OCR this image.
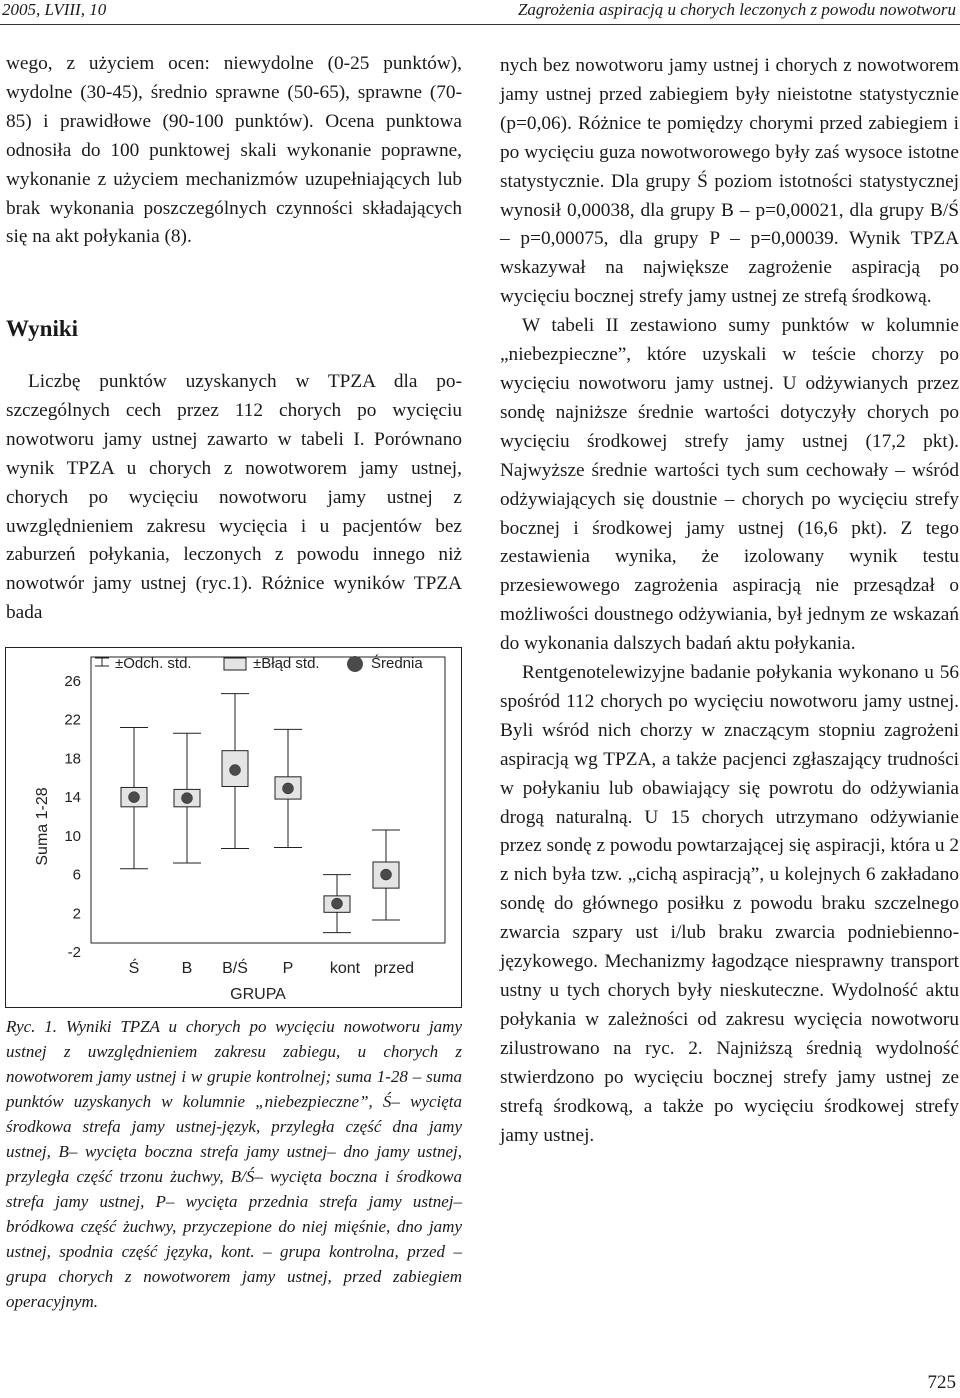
2005, LVIII, 10	Zagrożenia aspiracją u chorych leczonych z powodu nowotworu

wego, z użyciem ocen: niewydolne (0-25 punktów), wydolne (30-45), średnio sprawne (50-65), sprawne (70-85) i prawidłowe (90-100 punktów). Ocena punktowa odnosiła do 100 punktowej skali wykonanie poprawne, wykonanie z użyciem mechanizmów uzupełniających lub brak wykonania poszczególnych czynności składających się na akt połykania (8).

Wyniki

Liczbę punktów uzyskanych w TPZA dla poszczególnych cech przez 112 chorych po wycięciu nowotworu jamy ustnej zawarto w tabeli I. Porównano wynik TPZA u chorych z nowotworem jamy ustnej, chorych po wycięciu nowotworu jamy ustnej z uwzględnieniem zakresu wycięcia i u pacjentów bez zaburzeń połykania, leczonych z powodu innego niż nowotwór jamy ustnej (ryc.1). Różnice wyników TPZA bada

26
22
18
14
10
6
2
-2
Suma 1-28
Ś	B B/Ś P kont przed
GRUPA
±Odch. std.	±Błąd std.	Średnia
Ryc. 1. Wyniki TPZA u chorych po wycięciu nowotworu jamy ustnej z uwzględnieniem zakresu zabiegu, u chorych z nowotworem jamy ustnej i w grupie kontrolnej; suma 1-28 – suma punktów uzyskanych w kolumnie „niebezpieczne”, Ś– wycięta środkowa strefa jamy ustnej-język, przyległa część dna jamy ustnej, B– wycięta boczna strefa jamy ustnej– dno jamy ustnej, przyległa część trzonu żuchwy, B/Ś– wycięta boczna i środkowa strefa jamy ustnej, P– wycięta przednia strefa jamy ustnej– bródkowa część żuchwy, przyczepione do niej mięśnie, dno jamy ustnej, spodnia część języka, kont. – grupa kontrolna, przed – grupa chorych z nowotworem jamy ustnej, przed zabiegiem operacyjnym.

nych bez nowotworu jamy ustnej i chorych z nowotworem jamy ustnej przed zabiegiem były nieistotne statystycznie (p=0,06). Różnice te pomiędzy chorymi przed zabiegiem i po wycięciu guza nowotworowego były zaś wysoce istotne statystycznie. Dla grupy Ś poziom istotności statystycznej wynosił 0,00038, dla grupy B – p=0,00021, dla grupy B/Ś – p=0,00075, dla grupy P – p=0,00039. Wynik TPZA wskazywał na największe zagrożenie aspiracją po wycięciu bocznej strefy jamy ustnej ze strefą środkową.

W tabeli II zestawiono sumy punktów w kolumnie „niebezpieczne”, które uzyskali w teście chorzy po wycięciu nowotworu jamy ustnej. U odżywianych przez sondę najniższe średnie wartości dotyczyły chorych po wycięciu środkowej strefy jamy ustnej (17,2 pkt). Najwyższe średnie wartości tych sum cechowały – wśród odżywiających się doustnie – chorych po wycięciu strefy bocznej i środkowej jamy ustnej (16,6 pkt). Z tego zestawienia wynika, że izolowany wynik testu przesiewowego zagrożenia aspiracją nie przesądzał o możliwości doustnego odżywiania, był jednym ze wskazań do wykonania dalszych badań aktu połykania.

Rentgenotelewizyjne badanie połykania wykonano u 56 spośród 112 chorych po wycięciu nowotworu jamy ustnej. Byli wśród nich chorzy w znaczącym stopniu zagrożeni aspiracją wg TPZA, a także pacjenci zgłaszający trudności w połykaniu lub obawiający się powrotu do odżywiania drogą naturalną. U 15 chorych utrzymano odżywianie przez sondę z powodu powtarzającej się aspiracji, która u 2 z nich była tzw. „cichą aspiracją”, u kolejnych 6 zakładano sondę do głównego posiłku z powodu braku szczelnego zwarcia szpary ust i/lub braku zwarcia podniebienno-językowego. Mechanizmy łagodzące niesprawny transport ustny u tych chorych były nieskuteczne. Wydolność aktu połykania w zależności od zakresu wycięcia nowotworu zilustrowano na ryc. 2. Najniższą średnią wydolność stwierdzono po wycięciu bocznej strefy jamy ustnej ze strefą środkową, a także po wycięciu środkowej strefy jamy ustnej.

725
